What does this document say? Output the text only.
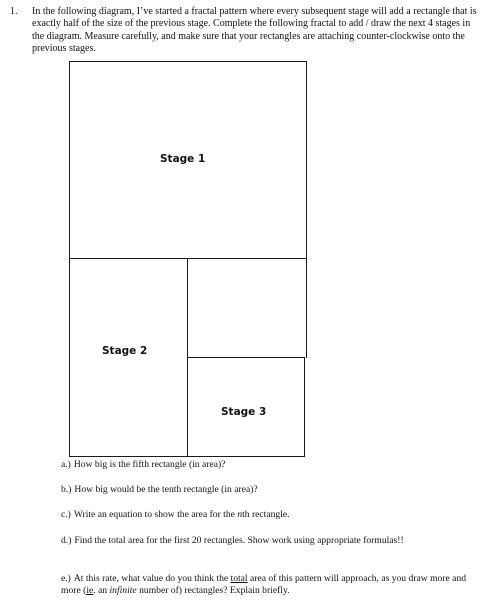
1. In the following diagram, I’ve started a fractal pattern where every subsequent stage will add a rectangle that is exactly half of the size of the previous stage. Complete the following fractal to add / draw the next 4 stages in the diagram. Measure carefully, and make sure that your rectangles are attaching counter-clockwise onto the previous stages.
Stage 1
Stage 2
Stage 3
a.) How big is the fifth rectangle (in area)?
b.) How big would be the tenth rectangle (in area)?
c.) Write an equation to show the area for the nth rectangle.
d.) Find the total area for the first 20 rectangles. Show work using appropriate formulas!!
e.) At this rate, what value do you think the total area of this pattern will approach, as you draw more and more (ie. an infinite number of) rectangles? Explain briefly.
